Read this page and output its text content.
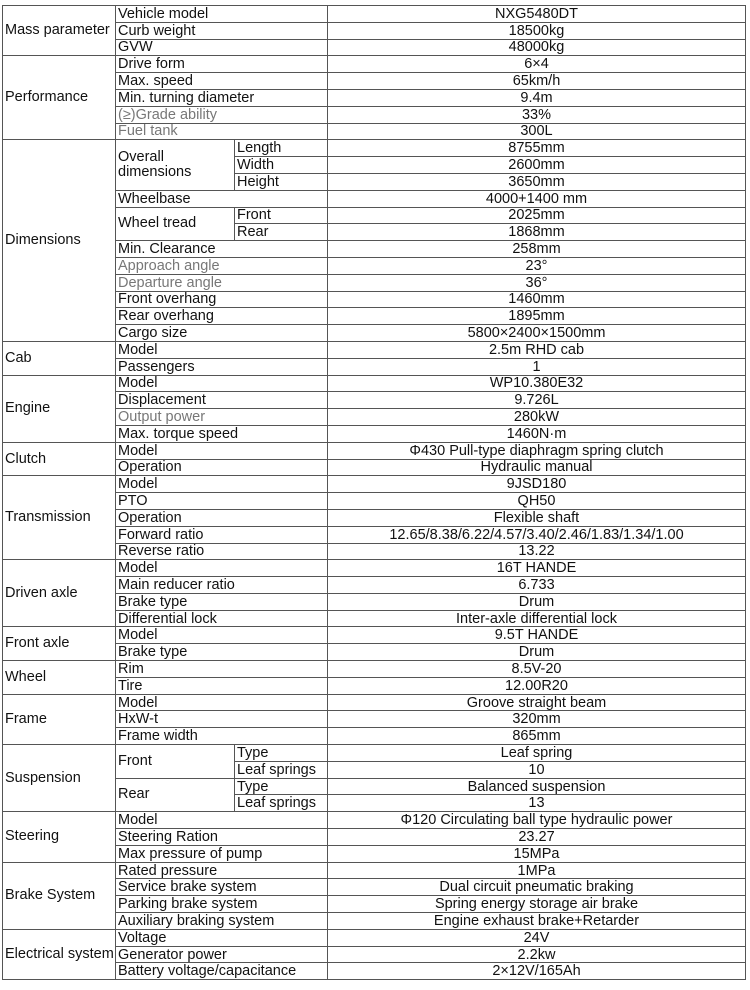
Mass parameter	Vehicle model		NXG5480DT
	Curb weight		18500kg
	GVW		48000kg
Performance	Drive form		6×4
	Max. speed		65km/h
	Min. turning diameter		9.4m
	(≥)Grade ability		33%
	Fuel tank		300L
Dimensions	Overall dimensions	Length	8755mm
		Width	2600mm
		Height	3650mm
	Wheelbase		4000+1400 mm
	Wheel tread	Front	2025mm
		Rear	1868mm
	Min. Clearance		258mm
	Approach angle		23°
	Departure angle		36°
	Front overhang		1460mm
	Rear overhang		1895mm
	Cargo size		5800×2400×1500mm
Cab	Model		2.5m RHD cab
	Passengers		1
Engine	Model		WP10.380E32
	Displacement		9.726L
	Output power		280kW
	Max. torque speed		1460N·m
Clutch	Model		Φ430 Pull-type diaphragm spring clutch
	Operation		Hydraulic manual
Transmission	Model		9JSD180
	PTO		QH50
	Operation		Flexible shaft
	Forward ratio		12.65/8.38/6.22/4.57/3.40/2.46/1.83/1.34/1.00
	Reverse ratio		13.22
Driven axle	Model		16T HANDE
	Main reducer ratio		6.733
	Brake type		Drum
	Differential lock		Inter-axle differential lock
Front axle	Model		9.5T HANDE
	Brake type		Drum
Wheel	Rim		8.5V-20
	Tire		12.00R20
Frame	Model		Groove straight beam
	HxW-t		320mm
	Frame width		865mm
Suspension	Front	Type	Leaf spring
		Leaf springs	10
	Rear	Type	Balanced suspension
		Leaf springs	13
Steering	Model		Φ120 Circulating ball type hydraulic power
	Steering Ration		23.27
	Max pressure of pump		15MPa
Brake System	Rated pressure		1MPa
	Service brake system		Dual circuit pneumatic braking
	Parking brake system		Spring energy storage air brake
	Auxiliary braking system		Engine exhaust brake+Retarder
Electrical system	Voltage		24V
	Generator power		2.2kw
	Battery voltage/capacitance		2×12V/165Ah
